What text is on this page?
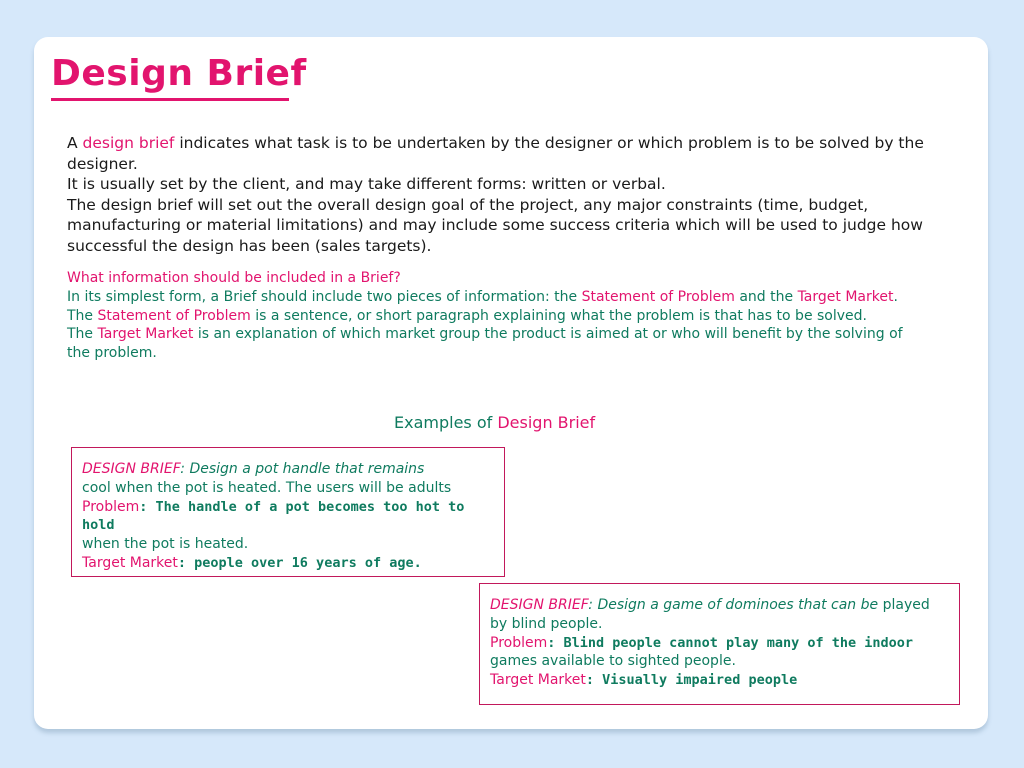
Design Brief

A design brief indicates what task is to be undertaken by the designer or which problem is to be solved by the designer.

It is usually set by the client, and may take different forms: written or verbal.

The design brief will set out the overall design goal of the project, any major constraints (time, budget, manufacturing or material limitations) and may include some success criteria which will be used to judge how successful the design has been (sales targets).

What information should be included in a Brief?

In its simplest form, a Brief should include two pieces of information: the Statement of Problem and the Target Market.

The Statement of Problem is a sentence, or short paragraph explaining what the problem is that has to be solved.

The Target Market is an explanation of which market group the product is aimed at or who will benefit by the solving of the problem.

Examples of Design Brief

DESIGN BRIEF: Design a pot handle that remains

cool when the pot is heated. The users will be adults

Problem: The handle of a pot becomes too hot to hold

when the pot is heated.

Target Market: people over 16 years of age.

DESIGN BRIEF: Design a game of dominoes that can be played by blind people.

Problem: Blind people cannot play many of the indoor games available to sighted people.

Target Market: Visually impaired people
